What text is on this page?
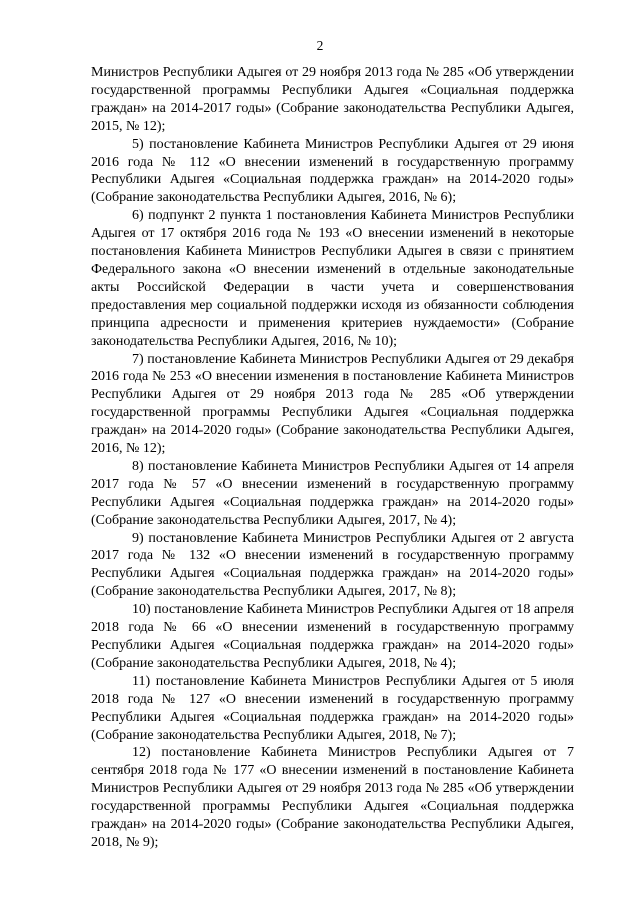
2

Министров Республики Адыгея от 29 ноября 2013 года № 285 «Об утверждении государственной программы Республики Адыгея «Социальная поддержка граждан» на 2014-2017 годы» (Собрание законодательства Республики Адыгея, 2015, № 12);

5) постановление Кабинета Министров Республики Адыгея от 29 июня 2016 года № 112 «О внесении изменений в государственную программу Республики Адыгея «Социальная поддержка граждан» на 2014-2020 годы» (Собрание законодательства Республики Адыгея, 2016, № 6);

6) подпункт 2 пункта 1 постановления Кабинета Министров Республики Адыгея от 17 октября 2016 года № 193 «О внесении изменений в некоторые постановления Кабинета Министров Республики Адыгея в связи с принятием Федерального закона «О внесении изменений в отдельные законодательные акты Российской Федерации в части учета и совершенствования предоставления мер социальной поддержки исходя из обязанности соблюдения принципа адресности и применения критериев нуждаемости» (Собрание законодательства Республики Адыгея, 2016, № 10);

7) постановление Кабинета Министров Республики Адыгея от 29 декабря 2016 года № 253 «О внесении изменения в постановление Кабинета Министров Республики Адыгея от 29 ноября 2013 года № 285 «Об утверждении государственной программы Республики Адыгея «Социальная поддержка граждан» на 2014-2020 годы» (Собрание законодательства Республики Адыгея, 2016, № 12);

8) постановление Кабинета Министров Республики Адыгея от 14 апреля 2017 года № 57 «О внесении изменений в государственную программу Республики Адыгея «Социальная поддержка граждан» на 2014-2020 годы» (Собрание законодательства Республики Адыгея, 2017, № 4);

9) постановление Кабинета Министров Республики Адыгея от 2 августа 2017 года № 132 «О внесении изменений в государственную программу Республики Адыгея «Социальная поддержка граждан» на 2014-2020 годы» (Собрание законодательства Республики Адыгея, 2017, № 8);

10) постановление Кабинета Министров Республики Адыгея от 18 апреля 2018 года № 66 «О внесении изменений в государственную программу Республики Адыгея «Социальная поддержка граждан» на 2014-2020 годы» (Собрание законодательства Республики Адыгея, 2018, № 4);

11) постановление Кабинета Министров Республики Адыгея от 5 июля 2018 года № 127 «О внесении изменений в государственную программу Республики Адыгея «Социальная поддержка граждан» на 2014-2020 годы» (Собрание законодательства Республики Адыгея, 2018, № 7);

12) постановление Кабинета Министров Республики Адыгея от 7 сентября 2018 года № 177 «О внесении изменений в постановление Кабинета Министров Республики Адыгея от 29 ноября 2013 года № 285 «Об утверждении государственной программы Республики Адыгея «Социальная поддержка граждан» на 2014-2020 годы» (Собрание законодательства Республики Адыгея, 2018, № 9);
